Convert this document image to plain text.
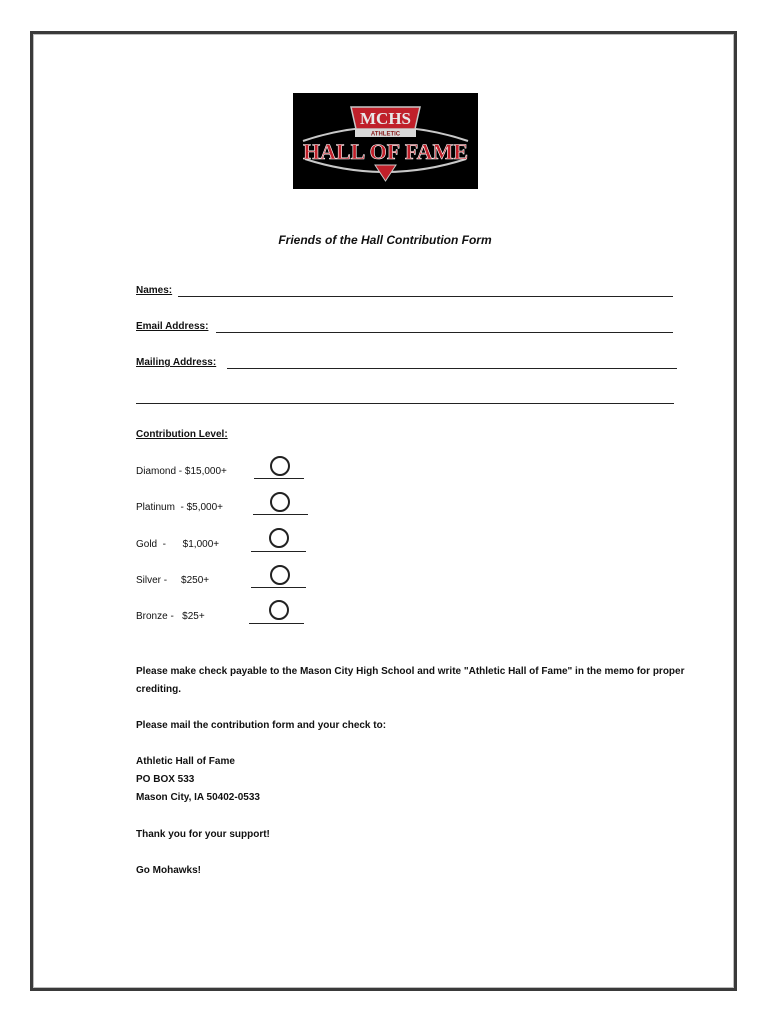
MCHS
ATHLETIC
HALL OF FAME
Friends of the Hall Contribution Form
Names:
Email Address:
Mailing Address:
Contribution Level:
Diamond - $15,000+
Platinum  - $5,000+
Gold  -      $1,000+
Silver -     $250+
Bronze -   $25+
Please make check payable to the Mason City High School and write "Athletic Hall of Fame" in the memo for proper crediting.
Please mail the contribution form and your check to:
Athletic Hall of Fame
PO BOX 533
Mason City, IA 50402-0533
Thank you for your support!
Go Mohawks!
